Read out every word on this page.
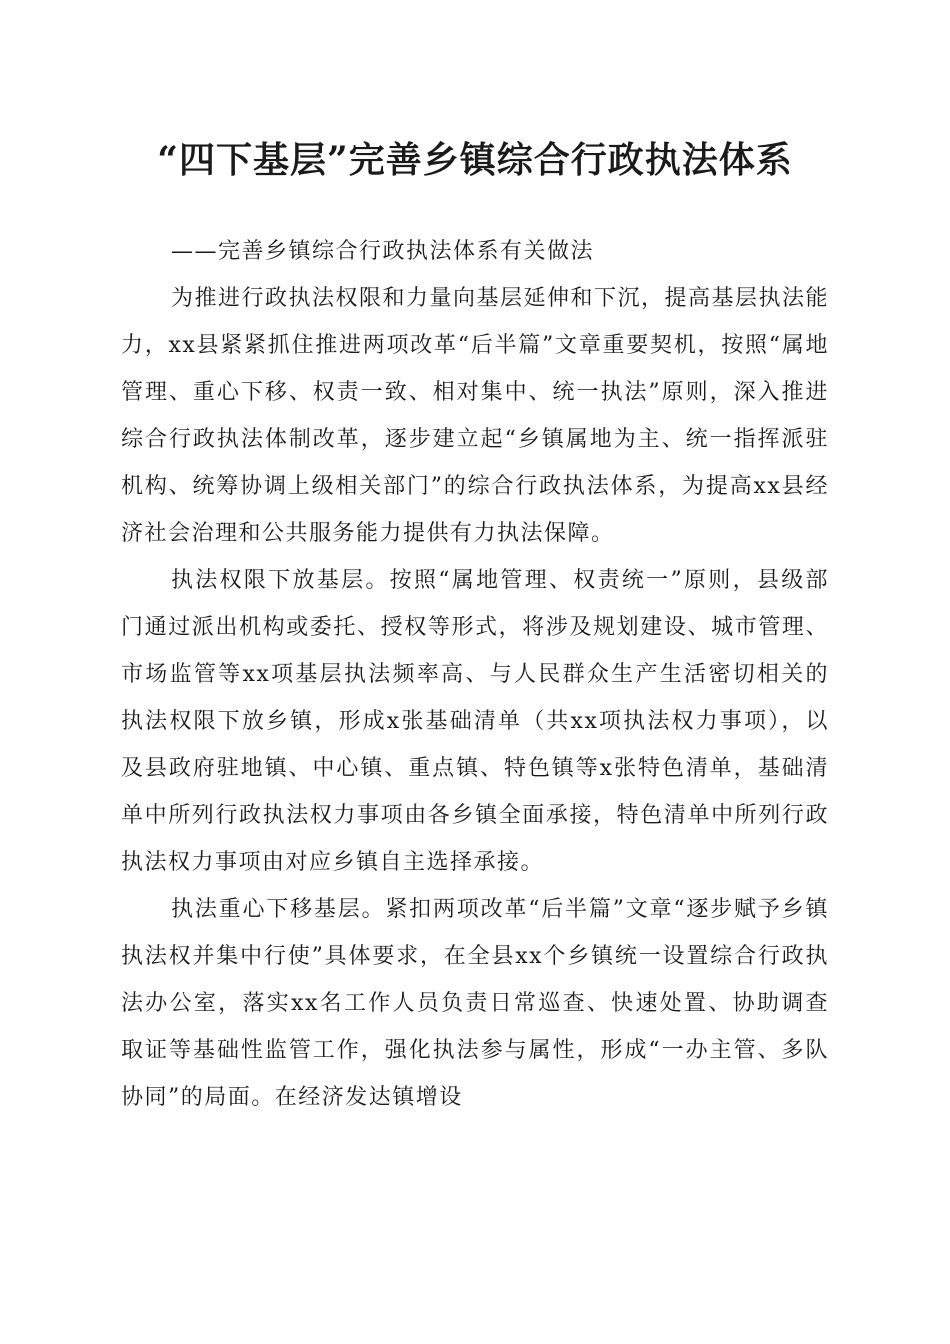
“四下基层”完善乡镇综合行政执法体系

——完善乡镇综合行政执法体系有关做法

为推进行政执法权限和力量向基层延伸和下沉，提高基层执法能力，xx县紧紧抓住推进两项改革“后半篇”文章重要契机，按照“属地管理、重心下移、权责一致、相对集中、统一执法”原则，深入推进综合行政执法体制改革，逐步建立起“乡镇属地为主、统一指挥派驻机构、统筹协调上级相关部门”的综合行政执法体系，为提高xx县经济社会治理和公共服务能力提供有力执法保障。

执法权限下放基层。按照“属地管理、权责统一”原则，县级部门通过派出机构或委托、授权等形式，将涉及规划建设、城市管理、市场监管等xx项基层执法频率高、与人民群众生产生活密切相关的执法权限下放乡镇，形成x张基础清单（共xx项执法权力事项），以及县政府驻地镇、中心镇、重点镇、特色镇等x张特色清单，基础清单中所列行政执法权力事项由各乡镇全面承接，特色清单中所列行政执法权力事项由对应乡镇自主选择承接。

执法重心下移基层。紧扣两项改革“后半篇”文章“逐步赋予乡镇执法权并集中行使”具体要求，在全县xx个乡镇统一设置综合行政执法办公室，落实xx名工作人员负责日常巡查、快速处置、协助调查取证等基础性监管工作，强化执法参与属性，形成“一办主管、多队协同”的局面。在经济发达镇增设
